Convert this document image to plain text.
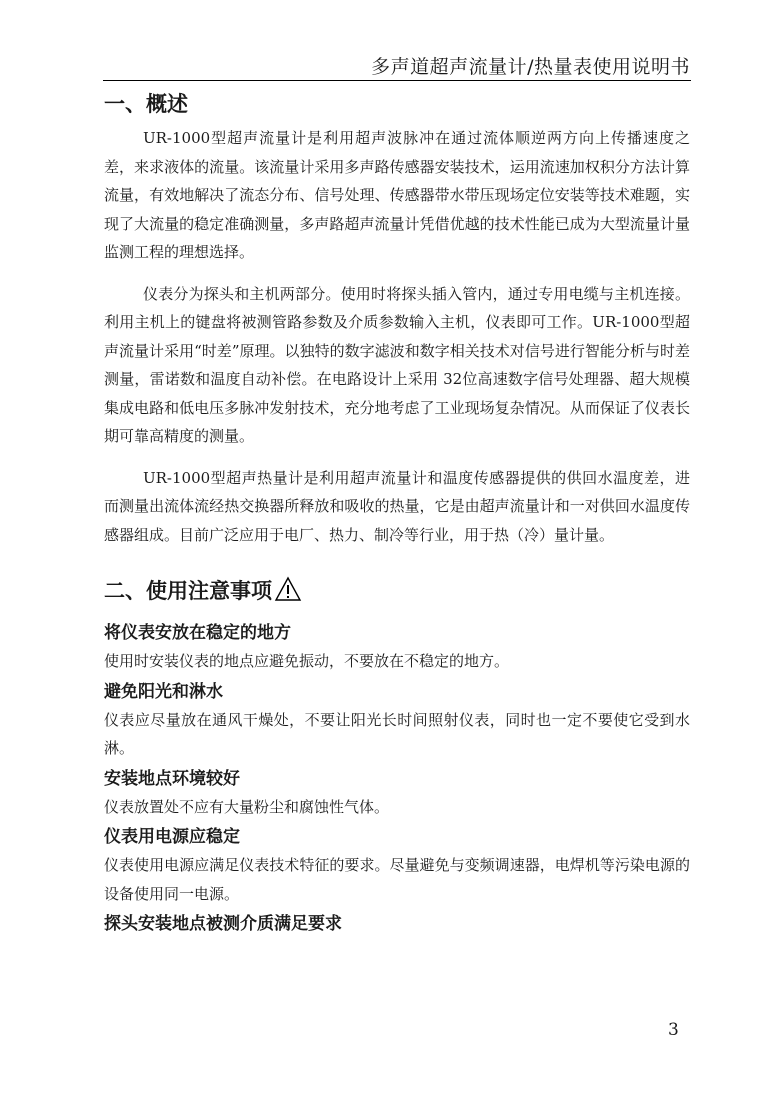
多声道超声流量计/热量表使用说明书
一、概述

UR-1000型超声流量计是利用超声波脉冲在通过流体顺逆两方向上传播速度之差，来求液体的流量。该流量计采用多声路传感器安装技术，运用流速加权积分方法计算流量，有效地解决了流态分布、信号处理、传感器带水带压现场定位安装等技术难题，实现了大流量的稳定准确测量，多声路超声流量计凭借优越的技术性能已成为大型流量计量监测工程的理想选择。

仪表分为探头和主机两部分。使用时将探头插入管内，通过专用电缆与主机连接。利用主机上的键盘将被测管路参数及介质参数输入主机，仪表即可工作。UR-1000型超声流量计采用“时差”原理。以独特的数字滤波和数字相关技术对信号进行智能分析与时差测量，雷诺数和温度自动补偿。在电路设计上采用 32位高速数字信号处理器、超大规模集成电路和低电压多脉冲发射技术，充分地考虑了工业现场复杂情况。从而保证了仪表长期可靠高精度的测量。

UR-1000型超声热量计是利用超声流量计和温度传感器提供的供回水温度差，进而测量出流体流经热交换器所释放和吸收的热量，它是由超声流量计和一对供回水温度传感器组成。目前广泛应用于电厂、热力、制冷等行业，用于热（冷）量计量。

二、使用注意事项

将仪表安放在稳定的地方

使用时安装仪表的地点应避免振动，不要放在不稳定的地方。

避免阳光和淋水

仪表应尽量放在通风干燥处，不要让阳光长时间照射仪表，同时也一定不要使它受到水淋。

安装地点环境较好

仪表放置处不应有大量粉尘和腐蚀性气体。

仪表用电源应稳定

仪表使用电源应满足仪表技术特征的要求。尽量避免与变频调速器，电焊机等污染电源的设备使用同一电源。

探头安装地点被测介质满足要求

3
